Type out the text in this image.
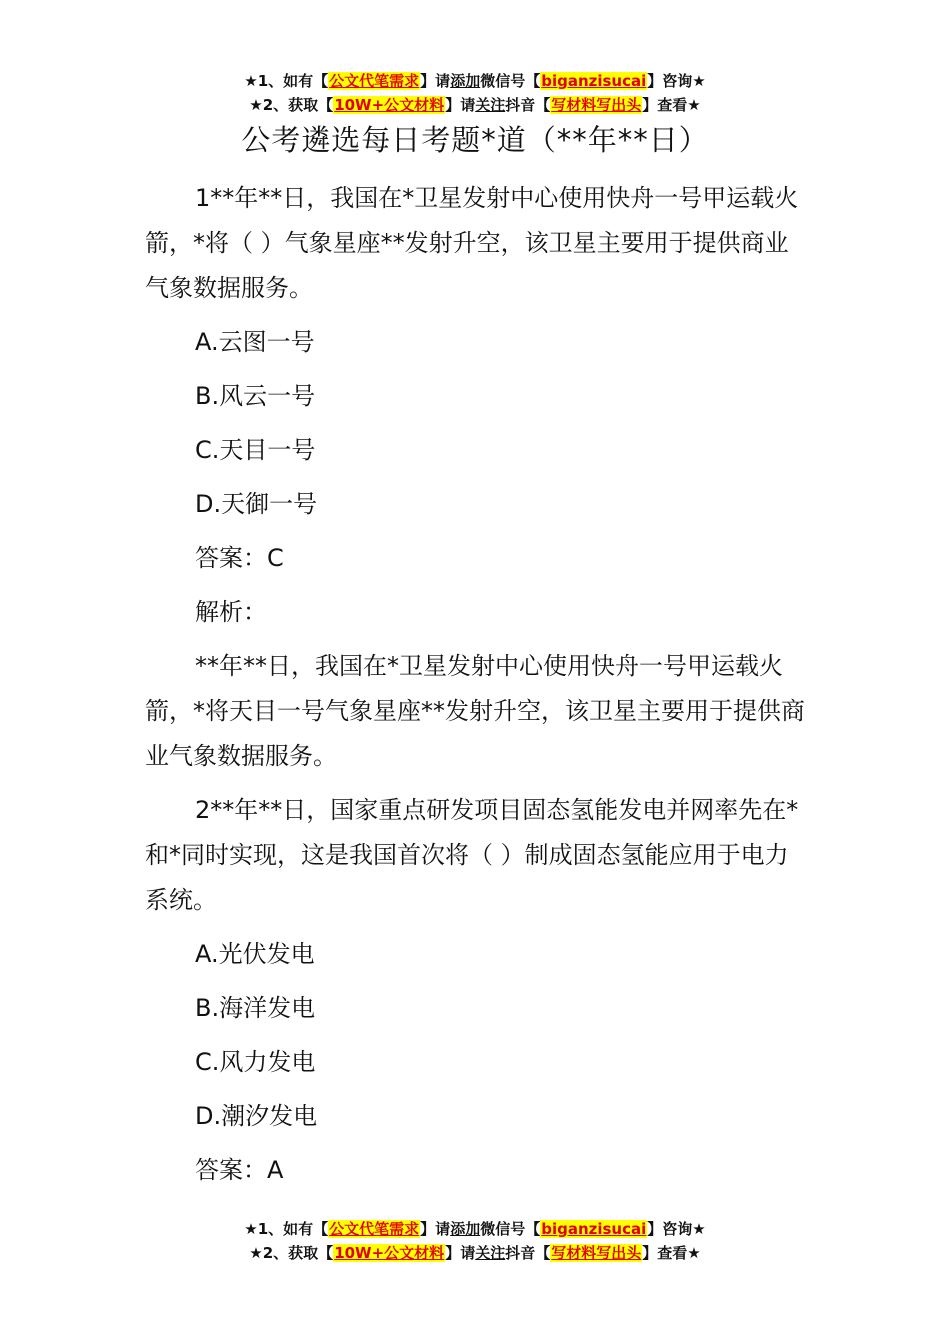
★1、如有【公文代笔需求】请添加微信号【biganzisucai】咨询★
★2、获取【10W+公文材料】请关注抖音【写材料写出头】查看★
公考遴选每日考题*道（**年**日）

1**年**日，我国在*卫星发射中心使用快舟一号甲运载火箭，*将（ ）气象星座**发射升空，该卫星主要用于提供商业气象数据服务。

A.云图一号

B.风云一号

C.天目一号

D.天御一号

答案：C

解析：

**年**日，我国在*卫星发射中心使用快舟一号甲运载火箭，*将天目一号气象星座**发射升空，该卫星主要用于提供商业气象数据服务。

2**年**日，国家重点研发项目固态氢能发电并网率先在*和*同时实现，这是我国首次将（ ）制成固态氢能应用于电力系统。

A.光伏发电

B.海洋发电

C.风力发电

D.潮汐发电

答案：A

★1、如有【公文代笔需求】请添加微信号【biganzisucai】咨询★
★2、获取【10W+公文材料】请关注抖音【写材料写出头】查看★
